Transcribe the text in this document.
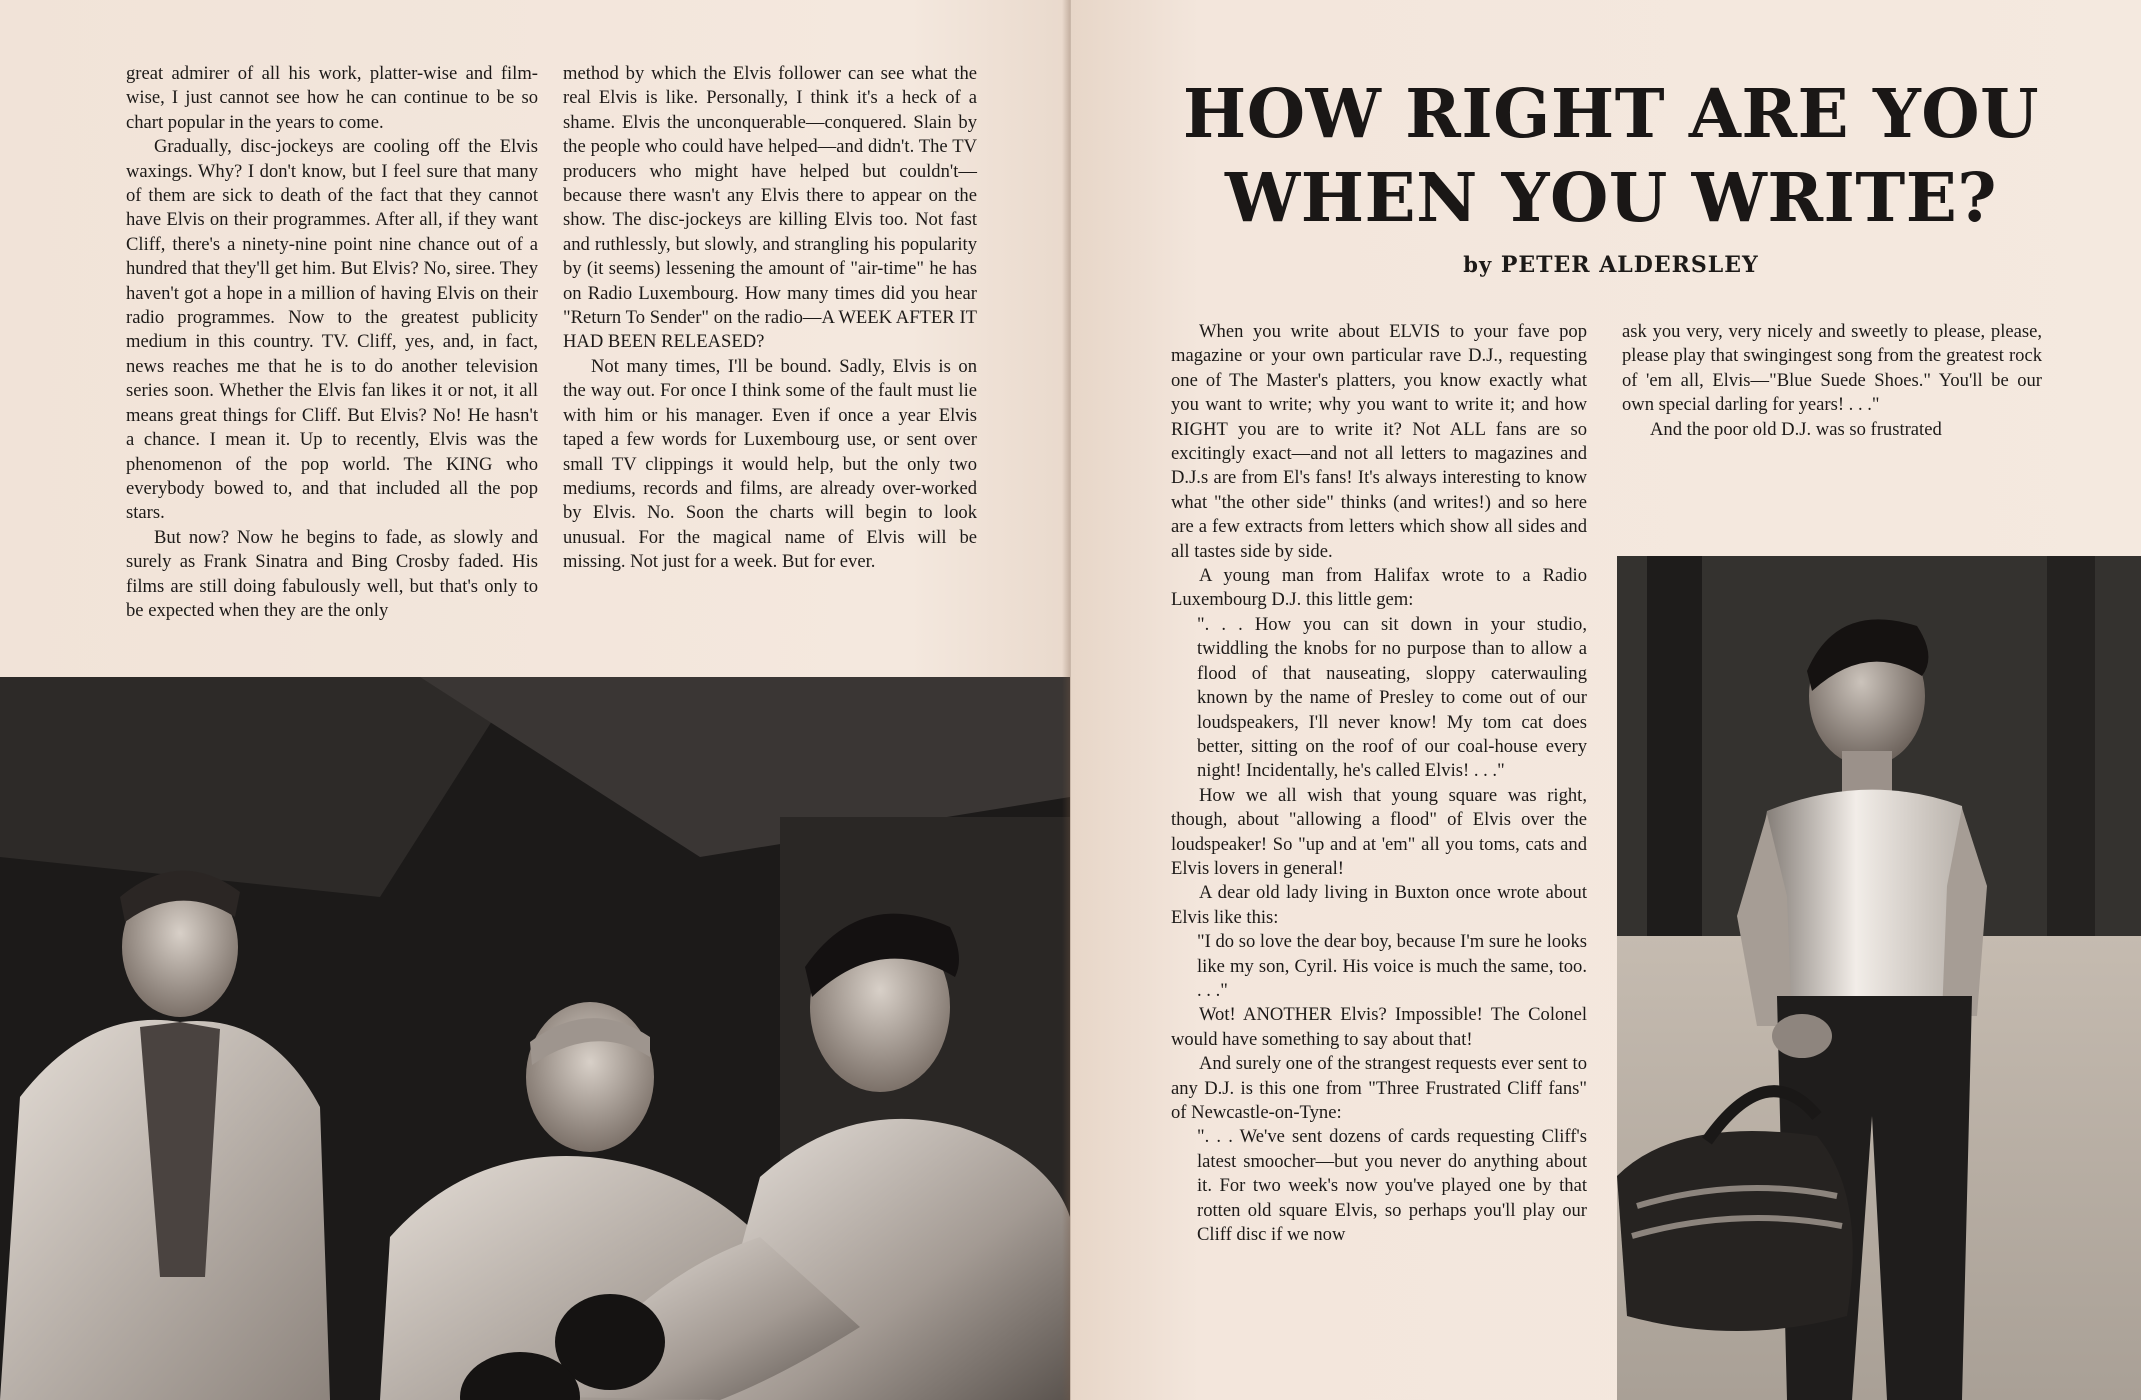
great admirer of all his work, platter-wise and film-wise, I just cannot see how he can continue to be so chart popular in the years to come.

Gradually, disc-jockeys are cooling off the Elvis waxings. Why? I don't know, but I feel sure that many of them are sick to death of the fact that they cannot have Elvis on their programmes. After all, if they want Cliff, there's a ninety-nine point nine chance out of a hundred that they'll get him. But Elvis? No, siree. They haven't got a hope in a million of having Elvis on their radio programmes. Now to the greatest publicity medium in this country. TV. Cliff, yes, and, in fact, news reaches me that he is to do another television series soon. Whether the Elvis fan likes it or not, it all means great things for Cliff. But Elvis? No! He hasn't a chance. I mean it. Up to recently, Elvis was the phenomenon of the pop world. The KING who everybody bowed to, and that included all the pop stars.

But now? Now he begins to fade, as slowly and surely as Frank Sinatra and Bing Crosby faded. His films are still doing fabulously well, but that's only to be expected when they are the only

method by which the Elvis follower can see what the real Elvis is like. Personally, I think it's a heck of a shame. Elvis the unconquerable—conquered. Slain by the people who could have helped—and didn't. The TV producers who might have helped but couldn't—because there wasn't any Elvis there to appear on the show. The disc-jockeys are killing Elvis too. Not fast and ruthlessly, but slowly, and strangling his popularity by (it seems) lessening the amount of "air-time" he has on Radio Luxembourg. How many times did you hear "Return To Sender" on the radio—A WEEK AFTER IT HAD BEEN RELEASED?

Not many times, I'll be bound. Sadly, Elvis is on the way out. For once I think some of the fault must lie with him or his manager. Even if once a year Elvis taped a few words for Luxembourg use, or sent over small TV clippings it would help, but the only two mediums, records and films, are already over-worked by Elvis. No. Soon the charts will begin to look unusual. For the magical name of Elvis will be missing. Not just for a week. But for ever.

HOW RIGHT ARE YOU
WHEN YOU WRITE?
by PETER ALDERSLEY

When you write about ELVIS to your fave pop magazine or your own particular rave D.J., requesting one of The Master's platters, you know exactly what you want to write; why you want to write it; and how RIGHT you are to write it? Not ALL fans are so excitingly exact—and not all letters to magazines and D.J.s are from El's fans! It's always interesting to know what "the other side" thinks (and writes!) and so here are a few extracts from letters which show all sides and all tastes side by side.

A young man from Halifax wrote to a Radio Luxembourg D.J. this little gem:

". . . How you can sit down in your studio, twiddling the knobs for no purpose than to allow a flood of that nauseating, sloppy caterwauling known by the name of Presley to come out of our loudspeakers, I'll never know! My tom cat does better, sitting on the roof of our coal-house every night! Incidentally, he's called Elvis! . . ."

How we all wish that young square was right, though, about "allowing a flood" of Elvis over the loudspeaker! So "up and at 'em" all you toms, cats and Elvis lovers in general!

A dear old lady living in Buxton once wrote about Elvis like this:

"I do so love the dear boy, because I'm sure he looks like my son, Cyril. His voice is much the same, too. . . ."

Wot! ANOTHER Elvis? Impossible! The Colonel would have something to say about that!

And surely one of the strangest requests ever sent to any D.J. is this one from "Three Frustrated Cliff fans" of Newcastle-on-Tyne:

". . . We've sent dozens of cards requesting Cliff's latest smoocher—but you never do anything about it. For two week's now you've played one by that rotten old square Elvis, so perhaps you'll play our Cliff disc if we now

ask you very, very nicely and sweetly to please, please, please play that swingingest song from the greatest rock of 'em all, Elvis—"Blue Suede Shoes." You'll be our own special darling for years! . . ."

And the poor old D.J. was so frustrated
